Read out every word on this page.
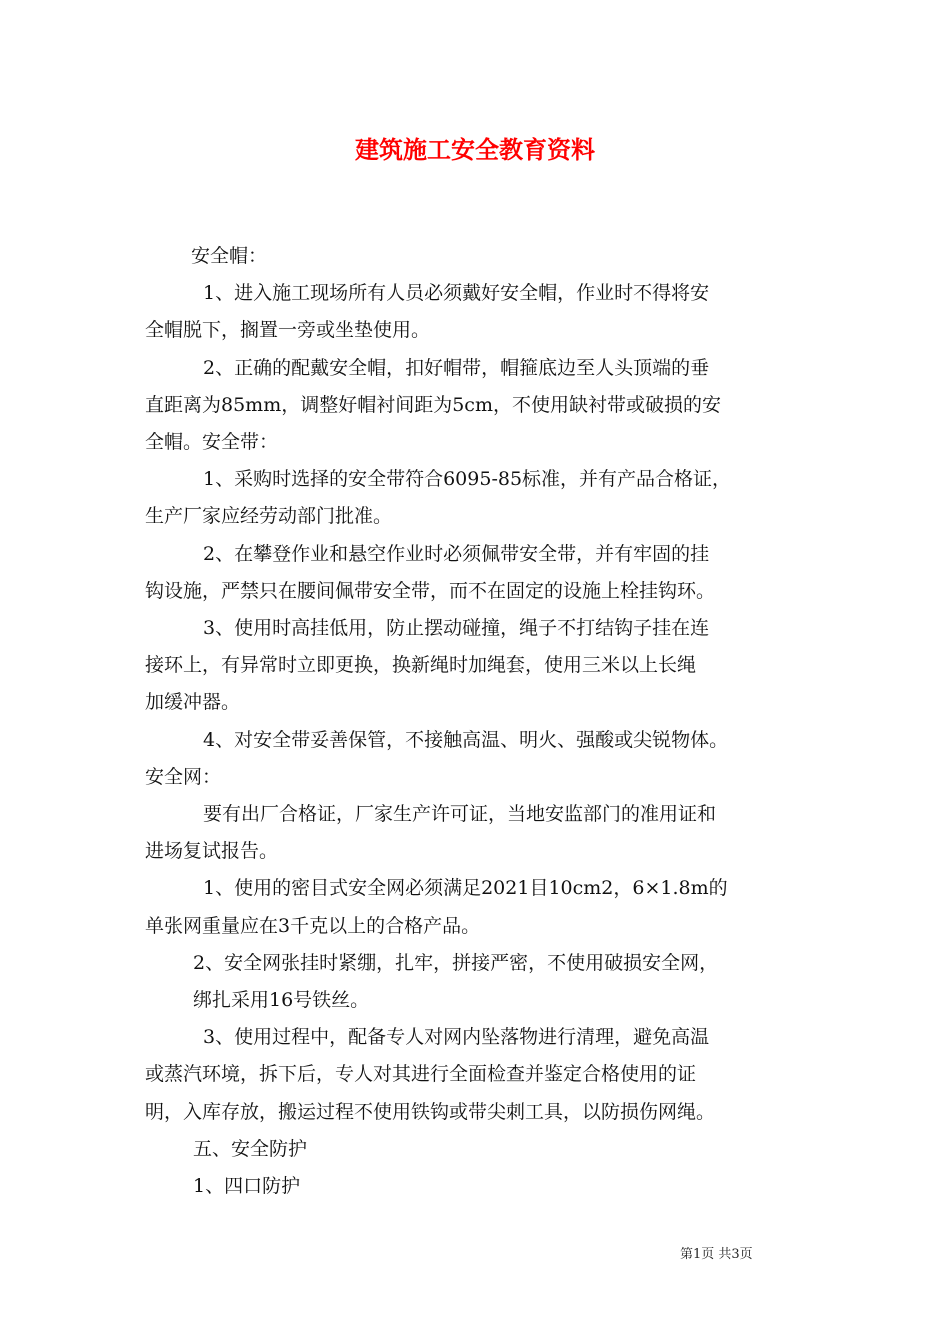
建筑施工安全教育资料

安全帽：

1、进入施工现场所有人员必须戴好安全帽，作业时不得将安

全帽脱下，搁置一旁或坐垫使用。

2、正确的配戴安全帽，扣好帽带，帽箍底边至人头顶端的垂

直距离为85mm，调整好帽衬间距为5cm，不使用缺衬带或破损的安

全帽。安全带：

1、采购时选择的安全带符合6095-85标准，并有产品合格证，

生产厂家应经劳动部门批准。

2、在攀登作业和悬空作业时必须佩带安全带，并有牢固的挂

钩设施，严禁只在腰间佩带安全带，而不在固定的设施上栓挂钩环。

3、使用时高挂低用，防止摆动碰撞，绳子不打结钩子挂在连

接环上，有异常时立即更换，换新绳时加绳套，使用三米以上长绳

加缓冲器。

4、对安全带妥善保管，不接触高温、明火、强酸或尖锐物体。

安全网：

要有出厂合格证，厂家生产许可证，当地安监部门的准用证和

进场复试报告。

1、使用的密目式安全网必须满足2021目10cm2，6×1.8m的

单张网重量应在3千克以上的合格产品。

2、安全网张挂时紧绷，扎牢，拼接严密，不使用破损安全网，

绑扎采用16号铁丝。

3、使用过程中，配备专人对网内坠落物进行清理，避免高温

或蒸汽环境，拆下后，专人对其进行全面检查并鉴定合格使用的证

明，入库存放，搬运过程不使用铁钩或带尖刺工具，以防损伤网绳。

五、安全防护

1、四口防护

第1页 共3页
